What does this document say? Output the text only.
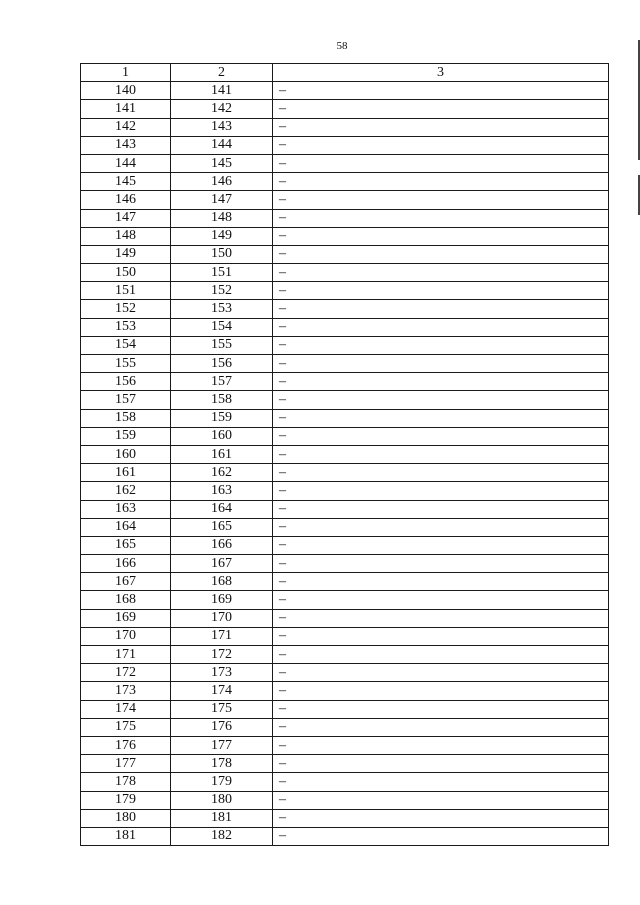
58
1	2	3
140	141	–
141	142	–
142	143	–
143	144	–
144	145	–
145	146	–
146	147	–
147	148	–
148	149	–
149	150	–
150	151	–
151	152	–
152	153	–
153	154	–
154	155	–
155	156	–
156	157	–
157	158	–
158	159	–
159	160	–
160	161	–
161	162	–
162	163	–
163	164	–
164	165	–
165	166	–
166	167	–
167	168	–
168	169	–
169	170	–
170	171	–
171	172	–
172	173	–
173	174	–
174	175	–
175	176	–
176	177	–
177	178	–
178	179	–
179	180	–
180	181	–
181	182	–
